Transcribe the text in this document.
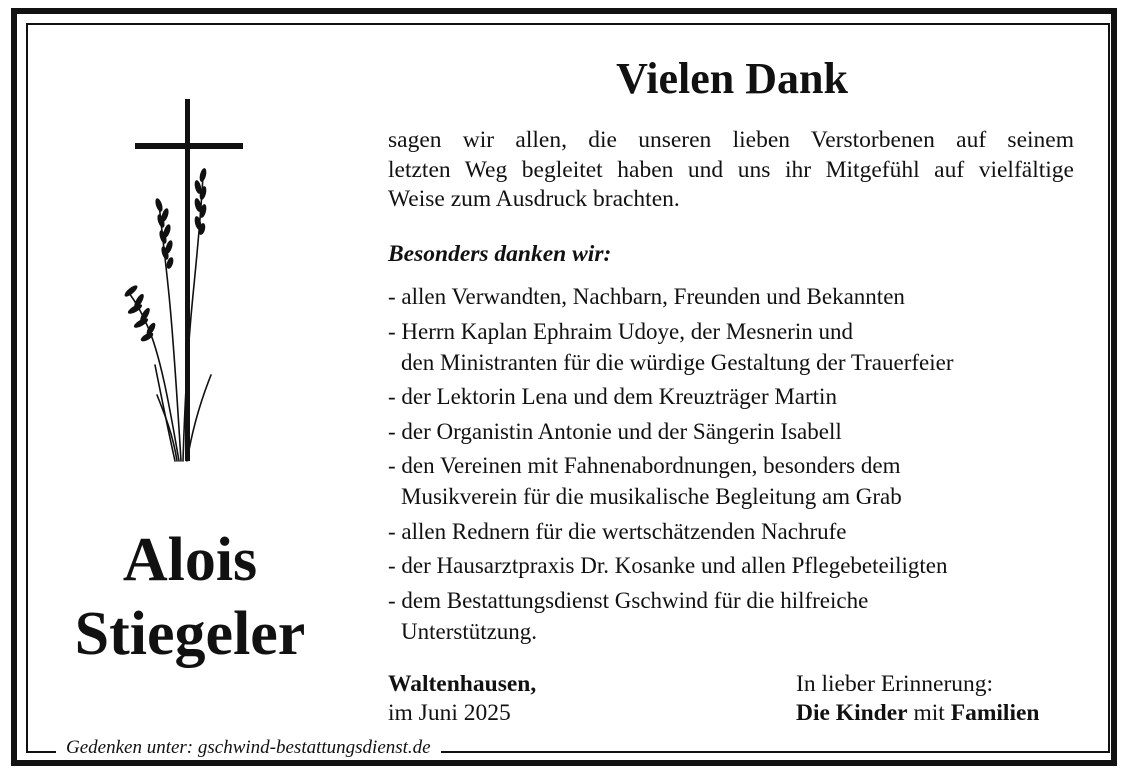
Gedenken unter: gschwind-bestattungsdienst.de
Alois
Stiegeler
Vielen Dank
sagen wir allen, die unseren lieben Verstorbenen auf seinem
letzten Weg begleitet haben und uns ihr Mitgefühl auf vielfältige
Weise zum Ausdruck brachten.
Besonders danken wir:
- allen Verwandten, Nachbarn, Freunden und Bekannten
- Herrn Kaplan Ephraim Udoye, der Mesnerin und
den Ministranten für die würdige Gestaltung der Trauerfeier
- der Lektorin Lena und dem Kreuzträger Martin
- der Organistin Antonie und der Sängerin Isabell
- den Vereinen mit Fahnenabordnungen, besonders dem
Musikverein für die musikalische Begleitung am Grab
- allen Rednern für die wertschätzenden Nachrufe
- der Hausarztpraxis Dr. Kosanke und allen Pflegebeteiligten
- dem Bestattungsdienst Gschwind für die hilfreiche
Unterstützung.
Waltenhausen,
im Juni 2025
In lieber Erinnerung:
Die Kinder mit Familien
